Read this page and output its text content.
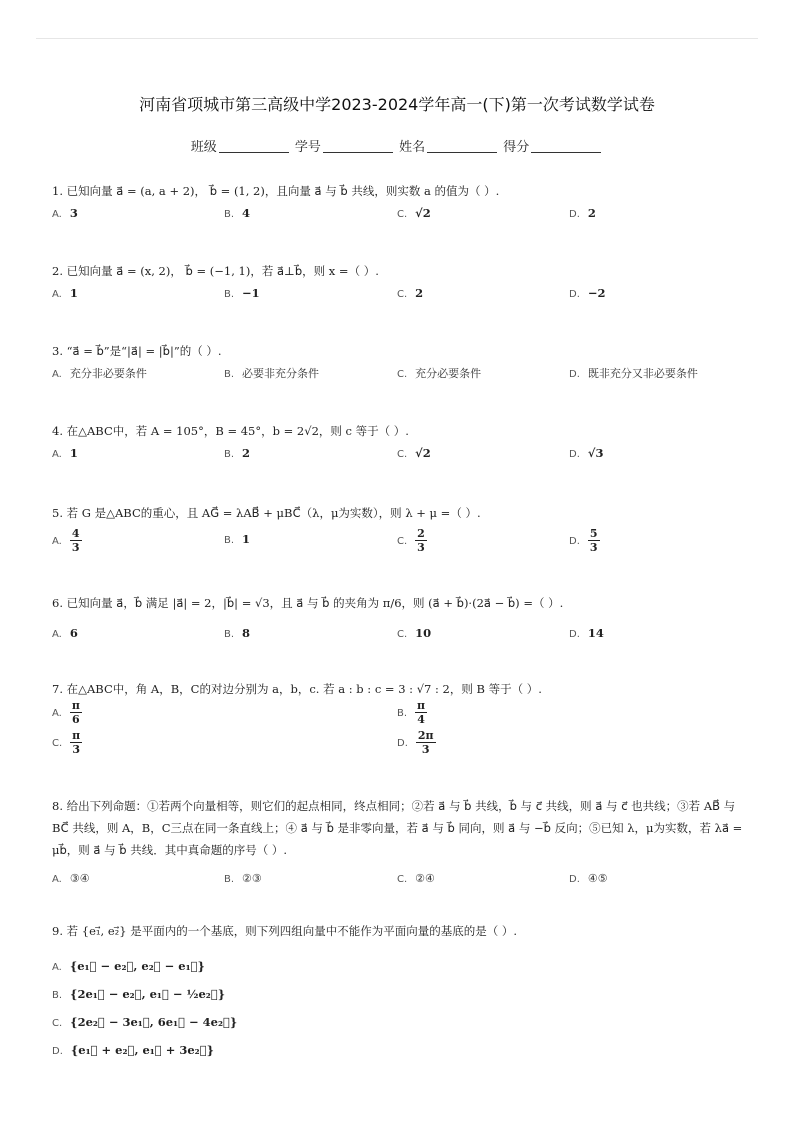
河南省项城市第三高级中学2023-2024学年高一(下)第一次考试数学试卷
班级	学号	姓名	得分
1. 已知向量 a⃗ = (a, a + 2)， b⃗ = (1, 2)，且向量 a⃗ 与 b⃗ 共线，则实数 a 的值为（ ）.
A. 3	B. 4	C. √2	D. 2
2. 已知向量 a⃗ = (x, 2)， b⃗ = (−1, 1)，若 a⃗⊥b⃗，则 x =（ ）.
A. 1	B. −1	C. 2	D. −2
3. “a⃗ = b⃗”是“|a⃗| = |b⃗|”的（ ）.
A. 充分非必要条件	B. 必要非充分条件	C. 充分必要条件	D. 既非充分又非必要条件
4. 在△ABC中，若 A = 105°，B = 45°，b = 2√2，则 c 等于（ ）.
A. 1	B. 2	C. √2	D. √3
5. 若 G 是△ABC的重心，且 AG⃗ = λAB⃗ + μBC⃗（λ，μ为实数），则 λ + μ =（ ）.
A. $\frac{4}{3}$	B. 1	C. $\frac{2}{3}$	D. $\frac{5}{3}$
6. 已知向量 a⃗，b⃗ 满足 |a⃗| = 2，|b⃗| = √3，且 a⃗ 与 b⃗ 的夹角为 π/6，则 (a⃗ + b⃗)·(2a⃗ − b⃗) =（ ）.
A. 6	B. 8	C. 10	D. 14
7. 在△ABC中，角 A，B，C的对边分别为 a，b，c. 若 a : b : c = 3 : √7 : 2，则 B 等于（ ）.
A. $\frac{\pi}{6}$	B. $\frac{\pi}{4}$
C. $\frac{\pi}{3}$	D. $\frac{2\pi}{3}$
8. 给出下列命题：①若两个向量相等，则它们的起点相同，终点相同；②若 a⃗ 与 b⃗ 共线，b⃗ 与 c⃗ 共线，则 a⃗ 与 c⃗ 也共线；③若 AB⃗ 与 BC⃗ 共线，则 A，B，C三点在同一条直线上；④ a⃗ 与 b⃗ 是非零向量，若 a⃗ 与 b⃗ 同向，则 a⃗ 与 −b⃗ 反向；⑤已知 λ，μ为实数，若 λa⃗ = μb⃗，则 a⃗ 与 b⃗ 共线．其中真命题的序号（ ）.
A. ③④	B. ②③	C. ②④	D. ④⑤
9. 若 {e₁⃗, e₂⃗} 是平面内的一个基底，则下列四组向量中不能作为平面向量的基底的是（ ）.
A. {e₁⃗ − e₂⃗, e₂⃗ − e₁⃗}
B. {2e₁⃗ − e₂⃗, e₁⃗ − ½e₂⃗}
C. {2e₂⃗ − 3e₁⃗, 6e₁⃗ − 4e₂⃗}
D. {e₁⃗ + e₂⃗, e₁⃗ + 3e₂⃗}
